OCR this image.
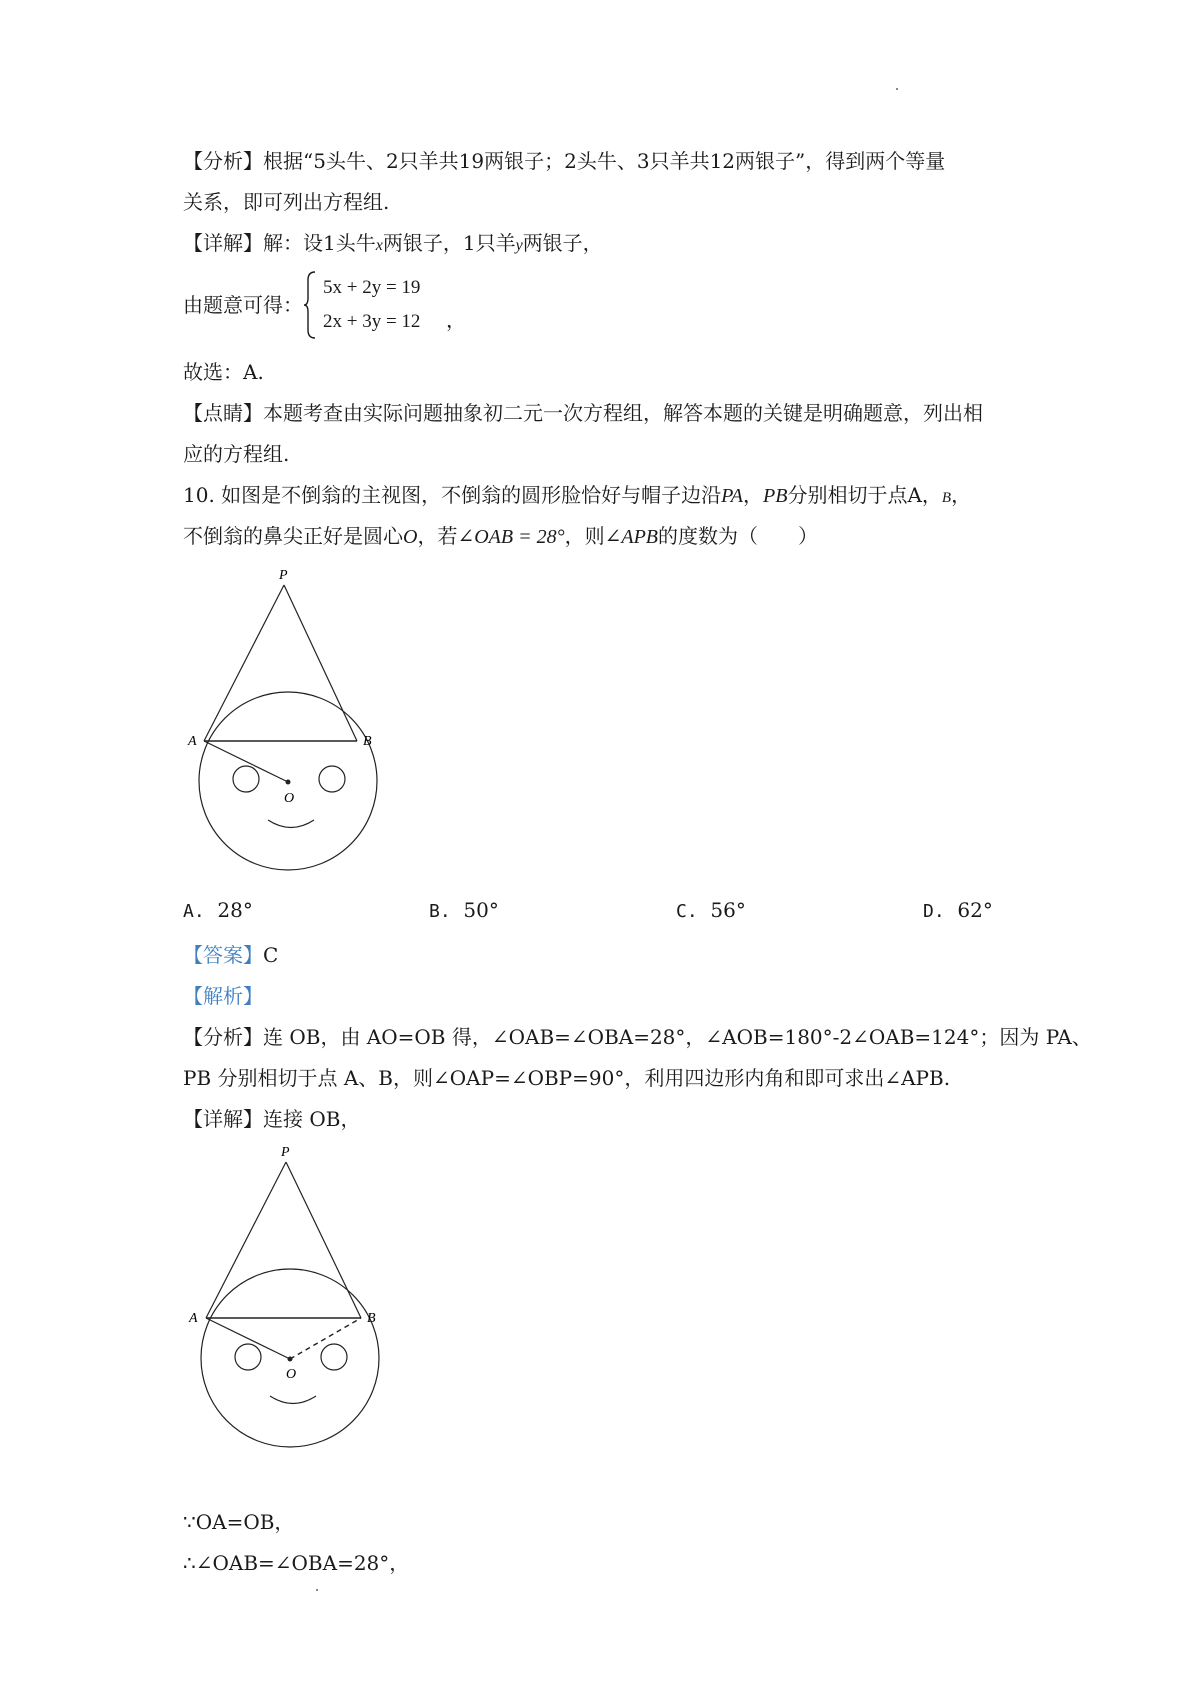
【分析】根据“5头牛、2只羊共19两银子；2头牛、3只羊共12两银子”，得到两个等量
关系，即可列出方程组.
【详解】解：设1头牛x两银子，1只羊y两银子，
由题意可得：
5x + 2y = 19
2x + 3y = 12 ，
故选：A.
【点睛】本题考查由实际问题抽象初二元一次方程组，解答本题的关键是明确题意，列出相
应的方程组.
10. 如图是不倒翁的主视图，不倒翁的圆形脸恰好与帽子边沿PA，PB分别相切于点A，B，
不倒翁的鼻尖正好是圆心O，若∠OAB = 28°，则∠APB的度数为（　　）
P
A	B
O
A. 28°	B. 50°	C. 56°	D. 62°
【答案】C
【解析】
【分析】连 OB，由 AO=OB 得，∠OAB=∠OBA=28°，∠AOB=180°-2∠OAB=124°；因为 PA、
PB 分别相切于点 A、B，则∠OAP=∠OBP=90°，利用四边形内角和即可求出∠APB.
【详解】连接 OB，
P
A	B
O
∵OA=OB，
∴∠OAB=∠OBA=28°，
